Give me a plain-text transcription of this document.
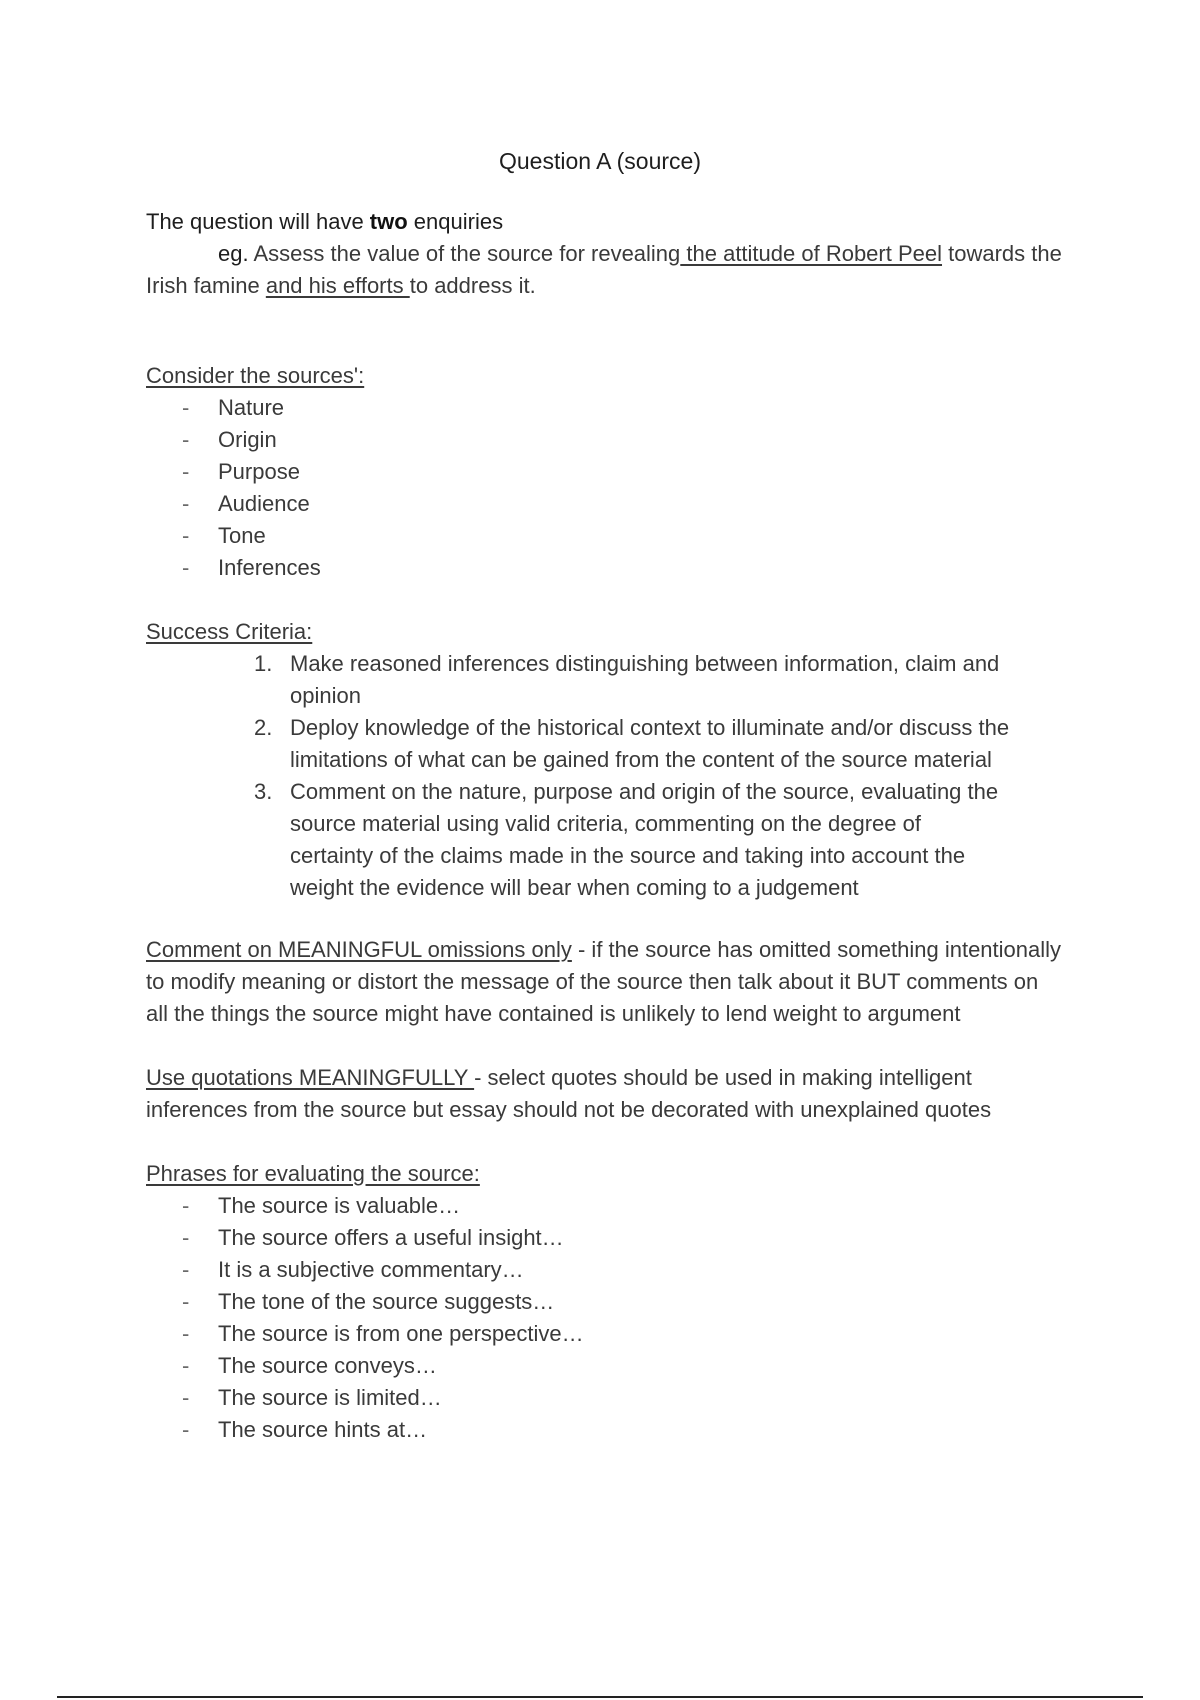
Question A (source)

The question will have two enquiries

eg. Assess the value of the source for revealing the attitude of Robert Peel towards the Irish famine and his efforts to address it.

Consider the sources':

- Nature
- Origin
- Purpose
- Audience
- Tone
- Inferences

Success Criteria:

1. Make reasoned inferences distinguishing between information, claim and opinion
2. Deploy knowledge of the historical context to illuminate and/or discuss the limitations of what can be gained from the content of the source material
3. Comment on the nature, purpose and origin of the source, evaluating the source material using valid criteria, commenting on the degree of certainty of the claims made in the source and taking into account the weight the evidence will bear when coming to a judgement

Comment on MEANINGFUL omissions only - if the source has omitted something intentionally to modify meaning or distort the message of the source then talk about it BUT comments on all the things the source might have contained is unlikely to lend weight to argument

Use quotations MEANINGFULLY - select quotes should be used in making intelligent inferences from the source but essay should not be decorated with unexplained quotes

Phrases for evaluating the source:

- The source is valuable…
- The source offers a useful insight…
- It is a subjective commentary…
- The tone of the source suggests…
- The source is from one perspective…
- The source conveys…
- The source is limited…
- The source hints at…
